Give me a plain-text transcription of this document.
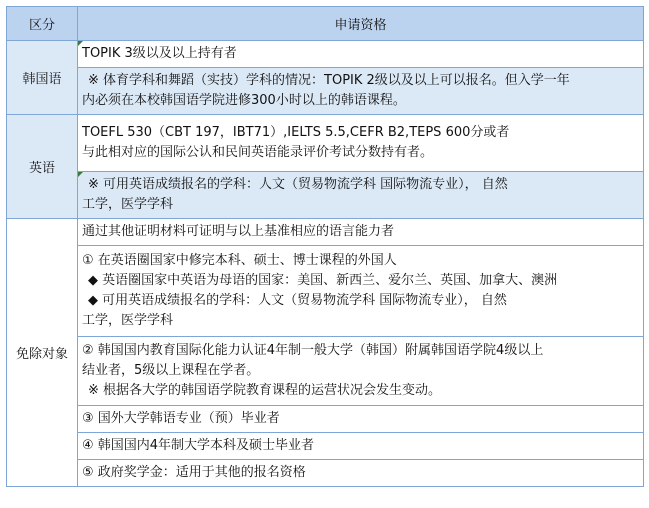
区分	申请资格
韩国语	TOPIK 3级以及以上持有者

	※ 体育学科和舞蹈（实技）学科的情况：TOPIK 2级以及以上可以报名。但入学一年
内必须在本校韩国语学院进修300小时以上的韩语课程。

英语	TOEFL 530（CBT 197，IBT71）,IELTS 5.5,CEFR B2,TEPS 600分或者
与此相对应的国际公认和民间英语能录评价考试分数持有者。

	※ 可用英语成绩报名的学科：人文（贸易物流学科 国际物流专业）， 自然
工学，医学学科

免除对象	通过其他证明材料可证明与以上基准相应的语言能力者

	① 在英语圈国家中修完本科、硕士、博士课程的外国人
◆ 英语圈国家中英语为母语的国家：美国、新西兰、爱尔兰、英国、加拿大、澳洲
◆ 可用英语成绩报名的学科：人文（贸易物流学科 国际物流专业）， 自然
工学，医学学科

	② 韩国国内教育国际化能力认证4年制一般大学（韩国）附属韩国语学院4级以上
结业者，5级以上课程在学者。
※ 根据各大学的韩国语学院教育课程的运营状况会发生变动。

	③ 国外大学韩语专业（预）毕业者
	④ 韩国国内4年制大学本科及硕士毕业者
	⑤ 政府奖学金：适用于其他的报名资格
